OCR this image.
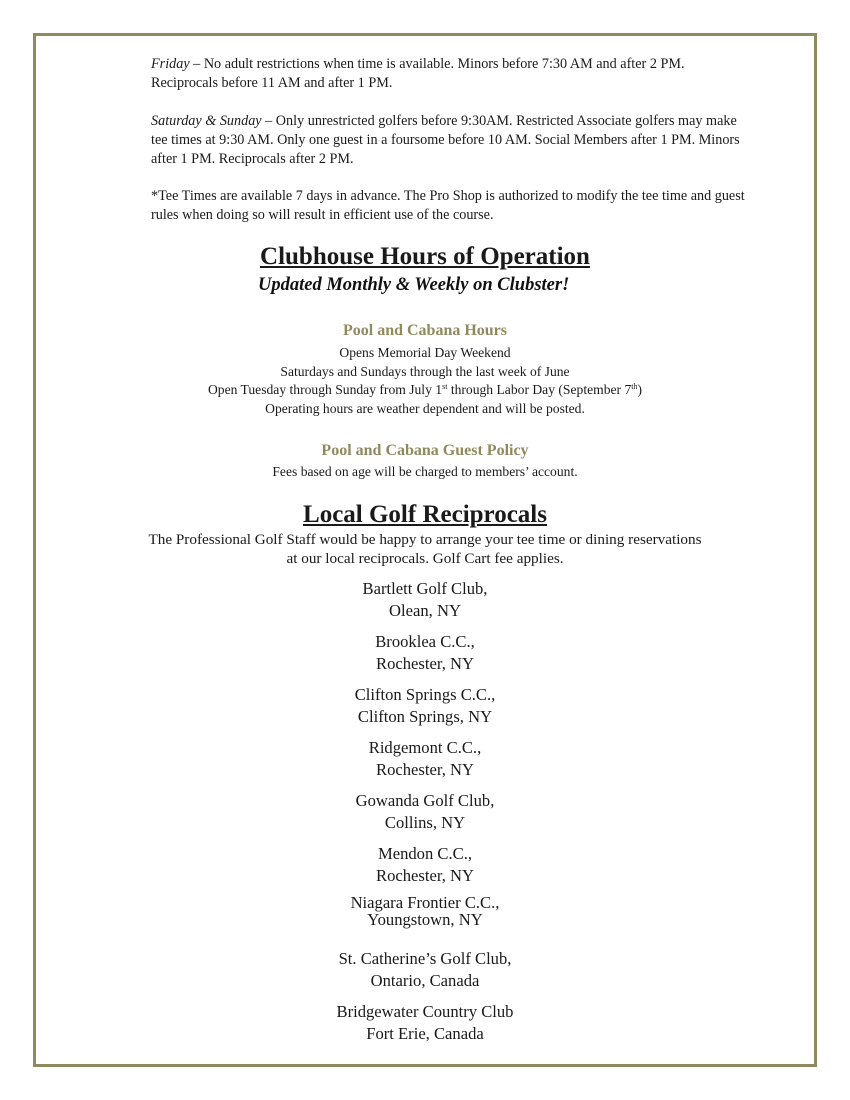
Friday – No adult restrictions when time is available. Minors before 7:30 AM and after 2 PM. Reciprocals before 11 AM and after 1 PM.

Saturday & Sunday – Only unrestricted golfers before 9:30AM. Restricted Associate golfers may make tee times at 9:30 AM. Only one guest in a foursome before 10 AM. Social Members after 1 PM. Minors after 1 PM. Reciprocals after 2 PM.

*Tee Times are available 7 days in advance. The Pro Shop is authorized to modify the tee time and guest rules when doing so will result in efficient use of the course.

Clubhouse Hours of Operation

Updated Monthly & Weekly on Clubster!

Pool and Cabana Hours

Opens Memorial Day Weekend

Saturdays and Sundays through the last week of June

Open Tuesday through Sunday from July 1st through Labor Day (September 7th)

Operating hours are weather dependent and will be posted.

Pool and Cabana Guest Policy

Fees based on age will be charged to members’ account.

Local Golf Reciprocals

The Professional Golf Staff would be happy to arrange your tee time or dining reservations

at our local reciprocals. Golf Cart fee applies.

Bartlett Golf Club,
Olean, NY
Brooklea C.C.,
Rochester, NY
Clifton Springs C.C.,
Clifton Springs, NY
Ridgemont C.C.,
Rochester, NY
Gowanda Golf Club,
Collins, NY
Mendon C.C.,
Rochester, NY
Niagara Frontier C.C.,
Youngstown, NY
St. Catherine’s Golf Club,
Ontario, Canada
Bridgewater Country Club
Fort Erie, Canada
